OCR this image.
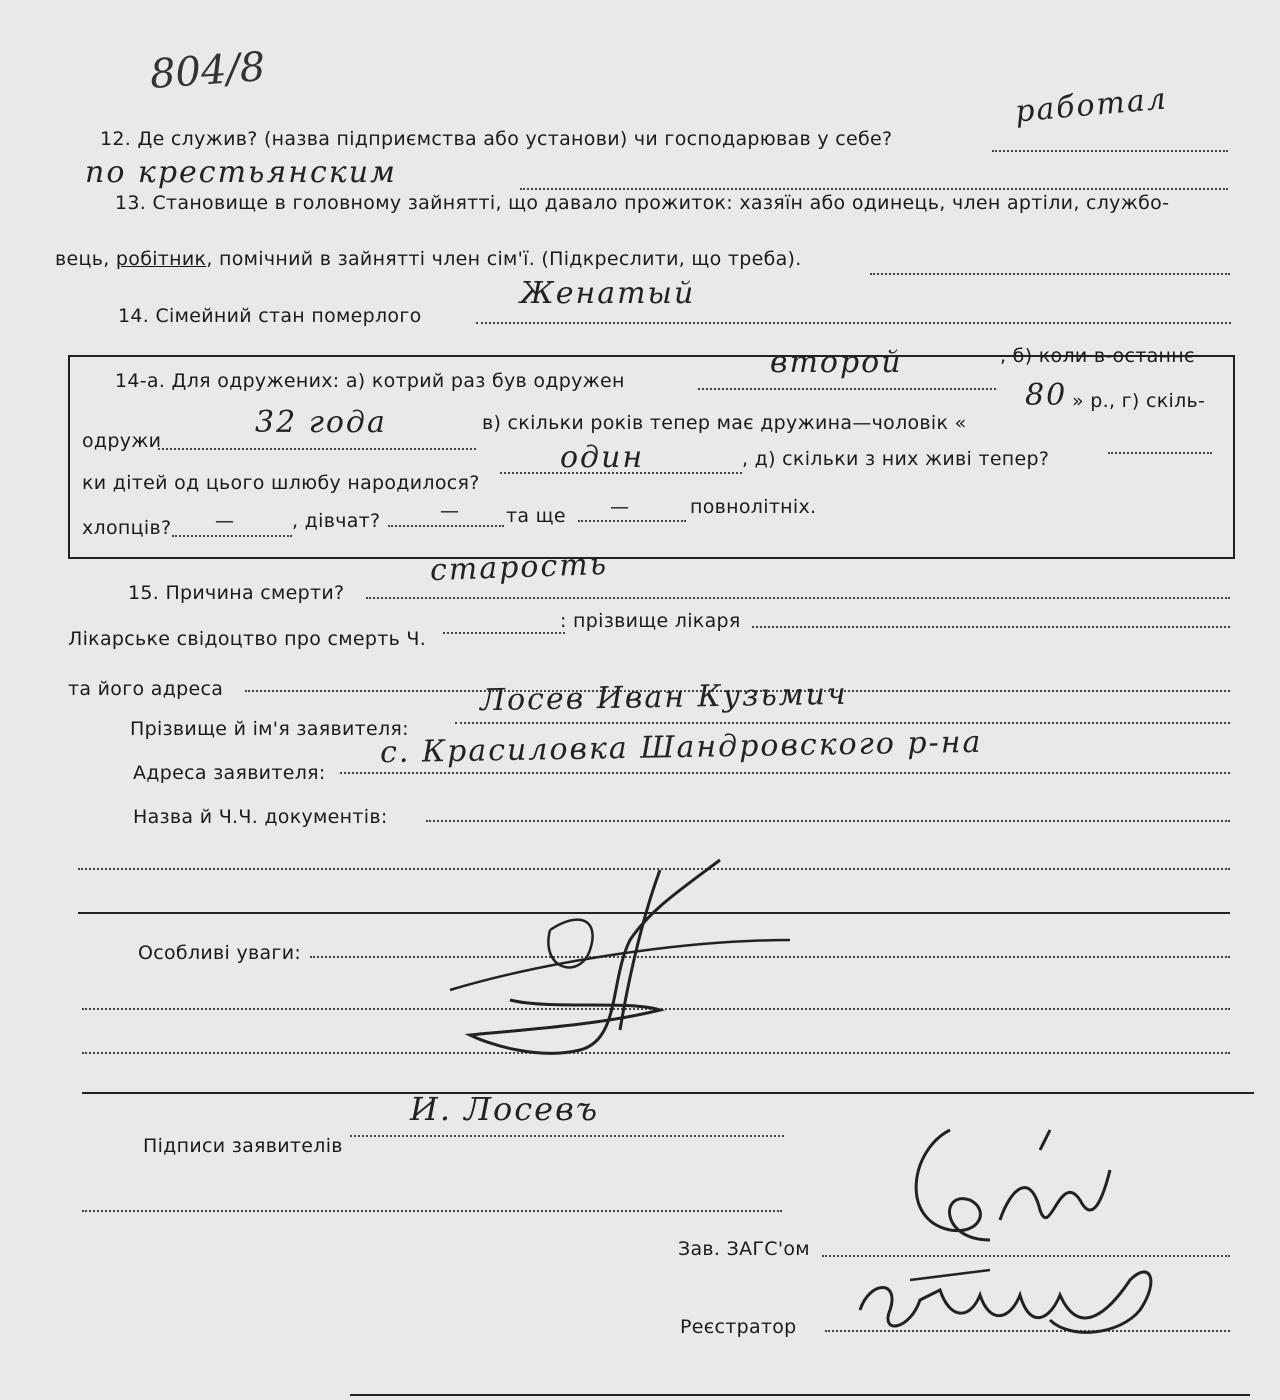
804/8
12. Де служив? (назва підприємства або установи) чи господарював у себе?
работал
по крестьянским
13. Становище в головному зайнятті, що давало прожиток: хазяїн або одинець, член артіли, службо-
вець, робітник, помічний в зайнятті член сім'ї. (Підкреслити, що треба).
14. Сімейний стан померлого
Женатый
14-а. Для одружених: а) котрий раз був одружен
второй	, б) коли в-останнє
одружи
32 года	в) скільки років тепер має дружина—чоловік «
80 » р., г) скіль-
ки дітей од цього шлюбу народилося?
один	, д) скільки з них живі тепер?
хлопців? —	, дівчат?	— та ще —	повнолітніх.
15. Причина смерти?
старость
Лікарське свідоцтво про смерть Ч.
: прізвище лікаря
та його адреса
Прізвище й ім'я заявителя:
Лосев Иван Кузьмич
Адреса заявителя:
с. Красиловка Шандровского р-на
Назва й Ч.Ч. документів:
Особливі уваги:
И. Лосевъ
Підписи заявителів
Зав. ЗАГС'ом
Реєстратор
